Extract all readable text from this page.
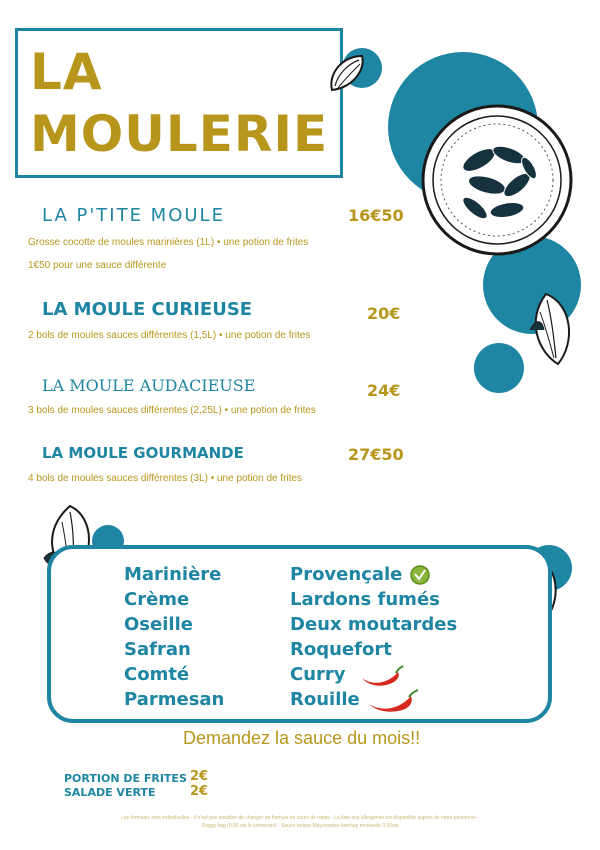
LA
MOULERIE
LA P'TITE MOULE	16€50
Grosse cocotte de moules marinières (1L) • une potion de frites
1€50 pour une sauce différente
LA MOULE CURIEUSE	20€
2 bols de moules sauces différentes (1,5L) • une potion de frites
LA MOULE AUDACIEUSE	24€
3 bols de moules sauces différentes (2,25L) • une potion de frites
LA MOULE GOURMANDE	27€50
4 bols de moules sauces différentes (3L) • une potion de frites
Marinière
Crème
Oseille
Safran
Comté
Parmesan
Provençale
Lardons fumés
Deux moutardes
Roquefort
Curry
Rouille
Demandez la sauce du mois!!
PORTION DE FRITES 2€
SALADE VERTE	2€
Les formules sont individuelles - il n'est pas possible de changer de formule en cours de repas - La liste des allergènes est disponible auprès de notre personnel -
Doggy bag (0,50 cts le contenant) - Sauce tartare Mayonnaise ketchup moutarde 0,50cts
